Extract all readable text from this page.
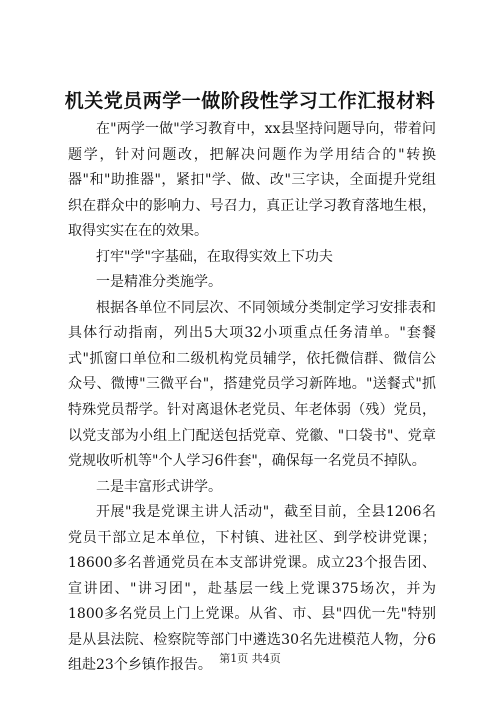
机关党员两学一做阶段性学习工作汇报材料

在"两学一做"学习教育中，xx县坚持问题导向，带着问题学，针对问题改，把解决问题作为学用结合的"转换器"和"助推器"，紧扣"学、做、改"三字诀，全面提升党组织在群众中的影响力、号召力，真正让学习教育落地生根，取得实实在在的效果。

打牢"学"字基础，在取得实效上下功夫

一是精准分类施学。

根据各单位不同层次、不同领域分类制定学习安排表和具体行动指南，列出5大项32小项重点任务清单。"套餐式"抓窗口单位和二级机构党员辅学，依托微信群、微信公众号、微博"三微平台"，搭建党员学习新阵地。"送餐式"抓特殊党员帮学。针对离退休老党员、年老体弱（残）党员，以党支部为小组上门配送包括党章、党徽、"口袋书"、党章党规收听机等"个人学习6件套"，确保每一名党员不掉队。

二是丰富形式讲学。

开展"我是党课主讲人活动"，截至目前，全县1206名党员干部立足本单位，下村镇、进社区、到学校讲党课；18600多名普通党员在本支部讲党课。成立23个报告团、宣讲团、"讲习团"，赴基层一线上党课375场次，并为1800多名党员上门上党课。从省、市、县"四优一先"特别是从县法院、检察院等部门中遴选30名先进模范人物，分6组赴23个乡镇作报告。 第1页 共4页
